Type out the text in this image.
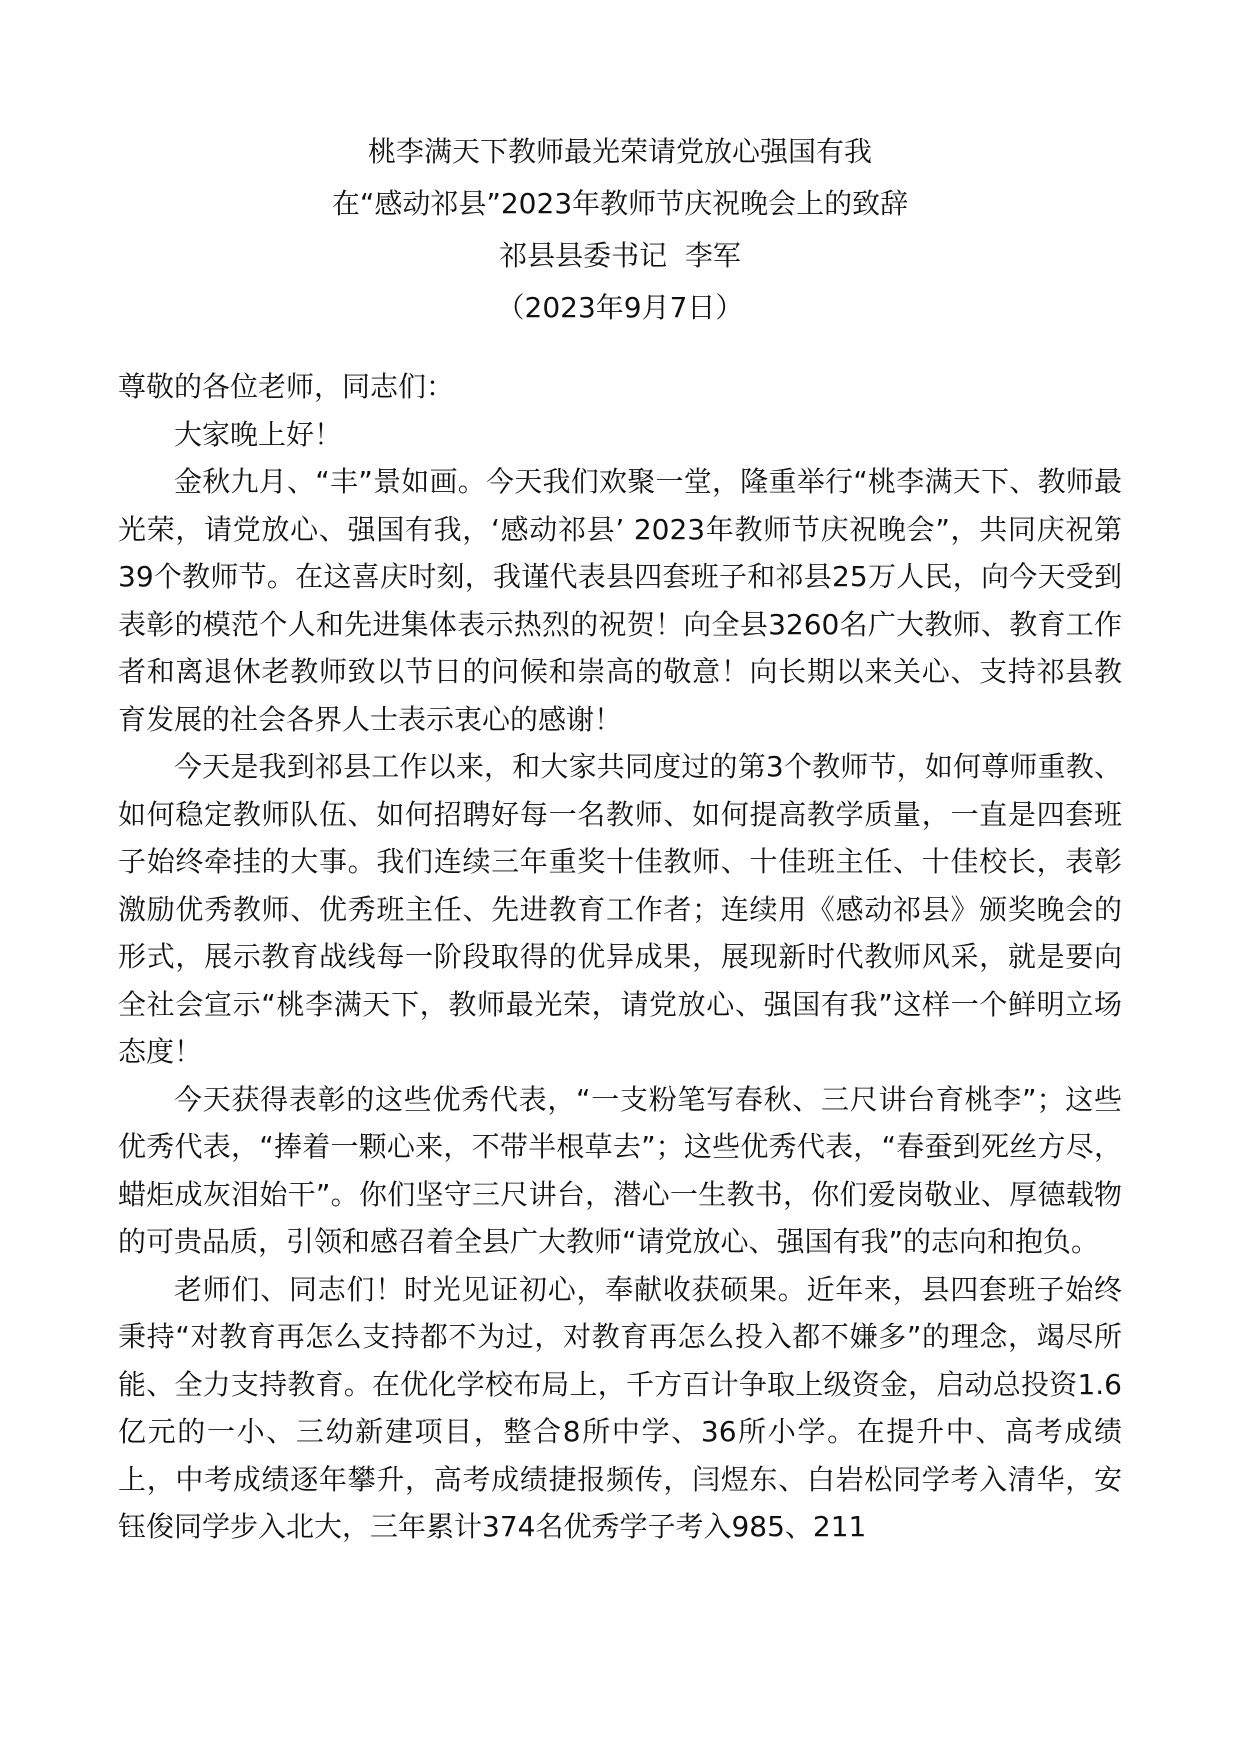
桃李满天下教师最光荣请党放心强国有我
在“感动祁县”2023年教师节庆祝晚会上的致辞
祁县县委书记  李军
（2023年9月7日）

尊敬的各位老师，同志们：

大家晚上好！

金秋九月、“丰”景如画。今天我们欢聚一堂，隆重举行“桃李满天下、教师最光荣，请党放心、强国有我，‘感动祁县’ 2023年教师节庆祝晚会”，共同庆祝第39个教师节。在这喜庆时刻，我谨代表县四套班子和祁县25万人民，向今天受到表彰的模范个人和先进集体表示热烈的祝贺！向全县3260名广大教师、教育工作者和离退休老教师致以节日的问候和崇高的敬意！向长期以来关心、支持祁县教育发展的社会各界人士表示衷心的感谢！

今天是我到祁县工作以来，和大家共同度过的第3个教师节，如何尊师重教、如何稳定教师队伍、如何招聘好每一名教师、如何提高教学质量，一直是四套班子始终牵挂的大事。我们连续三年重奖十佳教师、十佳班主任、十佳校长，表彰激励优秀教师、优秀班主任、先进教育工作者；连续用《感动祁县》颁奖晚会的形式，展示教育战线每一阶段取得的优异成果，展现新时代教师风采，就是要向全社会宣示“桃李满天下，教师最光荣，请党放心、强国有我”这样一个鲜明立场态度！

今天获得表彰的这些优秀代表，“一支粉笔写春秋、三尺讲台育桃李”；这些优秀代表，“捧着一颗心来，不带半根草去”；这些优秀代表，“春蚕到死丝方尽，蜡炬成灰泪始干”。你们坚守三尺讲台，潜心一生教书，你们爱岗敬业、厚德载物的可贵品质，引领和感召着全县广大教师“请党放心、强国有我”的志向和抱负。

老师们、同志们！时光见证初心，奉献收获硕果。近年来，县四套班子始终秉持“对教育再怎么支持都不为过，对教育再怎么投入都不嫌多”的理念，竭尽所能、全力支持教育。在优化学校布局上，千方百计争取上级资金，启动总投资1.6亿元的一小、三幼新建项目，整合8所中学、36所小学。在提升中、高考成绩上，中考成绩逐年攀升，高考成绩捷报频传，闫煜东、白岩松同学考入清华，安钰俊同学步入北大，三年累计374名优秀学子考入985、211
